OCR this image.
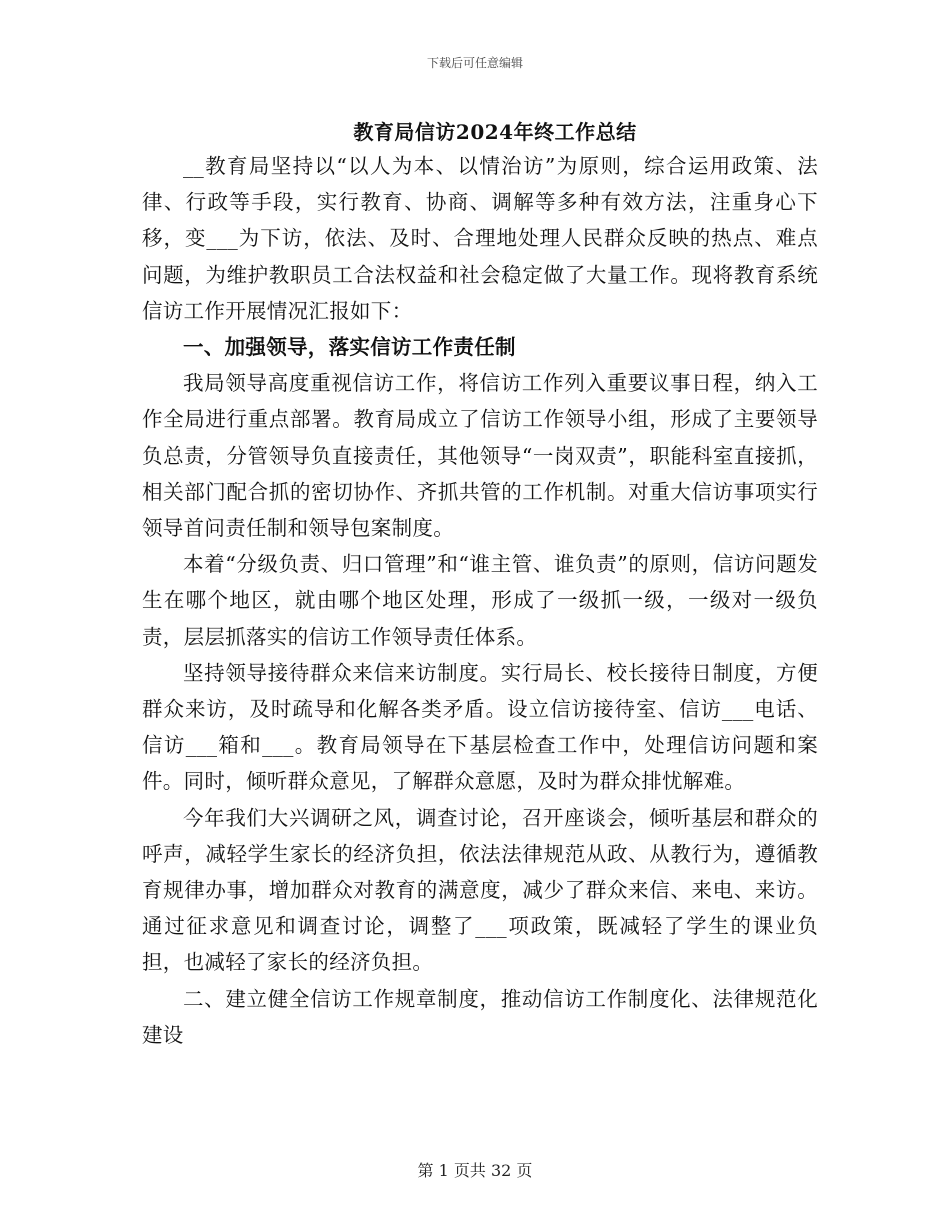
下载后可任意编辑
教育局信访2024年终工作总结

__教育局坚持以“以人为本、以情治访”为原则，综合运用政策、法律、行政等手段，实行教育、协商、调解等多种有效方法，注重身心下移，变___为下访，依法、及时、合理地处理人民群众反映的热点、难点问题，为维护教职员工合法权益和社会稳定做了大量工作。现将教育系统信访工作开展情况汇报如下：

一、加强领导，落实信访工作责任制

我局领导高度重视信访工作，将信访工作列入重要议事日程，纳入工作全局进行重点部署。教育局成立了信访工作领导小组，形成了主要领导负总责，分管领导负直接责任，其他领导“一岗双责”，职能科室直接抓，相关部门配合抓的密切协作、齐抓共管的工作机制。对重大信访事项实行领导首问责任制和领导包案制度。

本着“分级负责、归口管理”和“谁主管、谁负责”的原则，信访问题发生在哪个地区，就由哪个地区处理，形成了一级抓一级，一级对一级负责，层层抓落实的信访工作领导责任体系。

坚持领导接待群众来信来访制度。实行局长、校长接待日制度，方便群众来访，及时疏导和化解各类矛盾。设立信访接待室、信访___电话、信访___箱和___。教育局领导在下基层检查工作中，处理信访问题和案件。同时，倾听群众意见，了解群众意愿，及时为群众排忧解难。

今年我们大兴调研之风，调查讨论，召开座谈会，倾听基层和群众的呼声，减轻学生家长的经济负担，依法法律规范从政、从教行为，遵循教育规律办事，增加群众对教育的满意度，减少了群众来信、来电、来访。通过征求意见和调查讨论，调整了___项政策，既减轻了学生的课业负担，也减轻了家长的经济负担。

二、建立健全信访工作规章制度，推动信访工作制度化、法律规范化建设

第 1 页共 32 页
